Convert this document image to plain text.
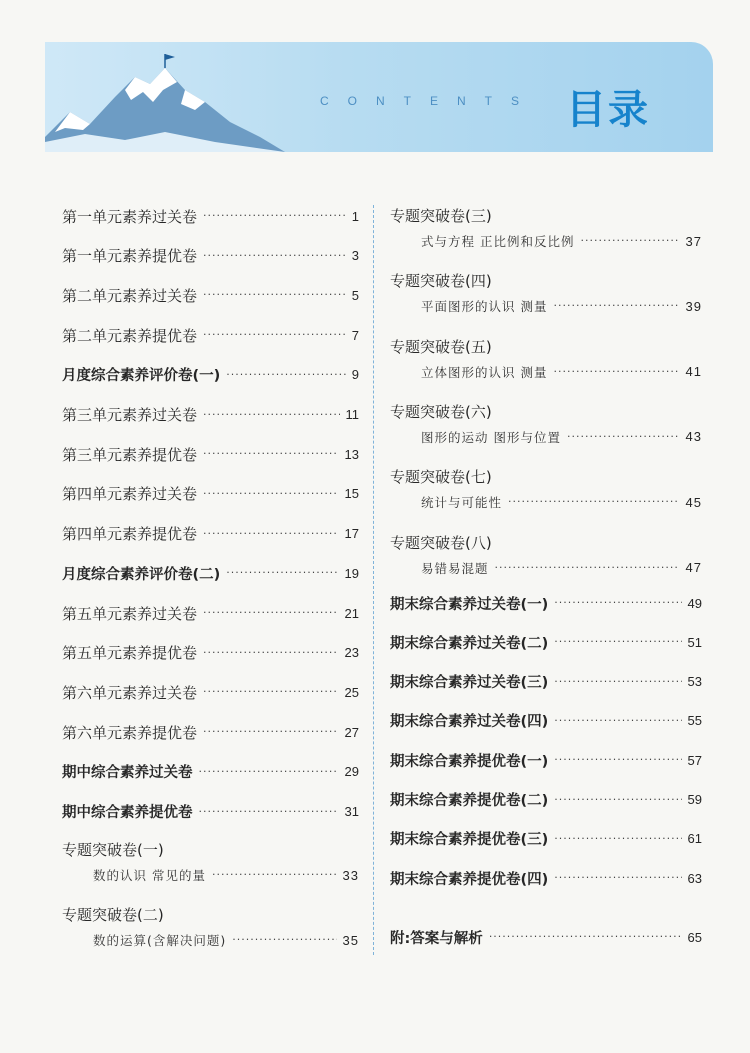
CONTENTS 目录
第一单元素养过关卷 ·····	1
第一单元素养提优卷 ·····	3
第二单元素养过关卷 ·····	5
第二单元素养提优卷 ·····	7
月度综合素养评价卷(一) ·····	9
第三单元素养过关卷 ·····	11
第三单元素养提优卷 ·····	13
第四单元素养过关卷 ·····	15
第四单元素养提优卷 ·····	17
月度综合素养评价卷(二) ·····	19
第五单元素养过关卷 ·····	21
第五单元素养提优卷 ·····	23
第六单元素养过关卷 ·····	25
第六单元素养提优卷 ·····	27
期中综合素养过关卷 ·····	29
期中综合素养提优卷 ·····	31
专题突破卷(一)
数的认识 常见的量 ·····	33
专题突破卷(二)
数的运算(含解决问题) ·····	35
专题突破卷(三)
式与方程 正比例和反比例 ·····	37
专题突破卷(四)
平面图形的认识 测量 ·····	39
专题突破卷(五)
立体图形的认识 测量 ·····	41
专题突破卷(六)
图形的运动 图形与位置 ·····	43
专题突破卷(七)
统计与可能性 ·····	45
专题突破卷(八)
易错易混题 ·····	47
期末综合素养过关卷(一) ·····	49
期末综合素养过关卷(二) ·····	51
期末综合素养过关卷(三) ·····	53
期末综合素养过关卷(四) ·····	55
期末综合素养提优卷(一) ·····	57
期末综合素养提优卷(二) ·····	59
期末综合素养提优卷(三) ·····	61
期末综合素养提优卷(四) ·····	63
附:答案与解析 ·····	65
